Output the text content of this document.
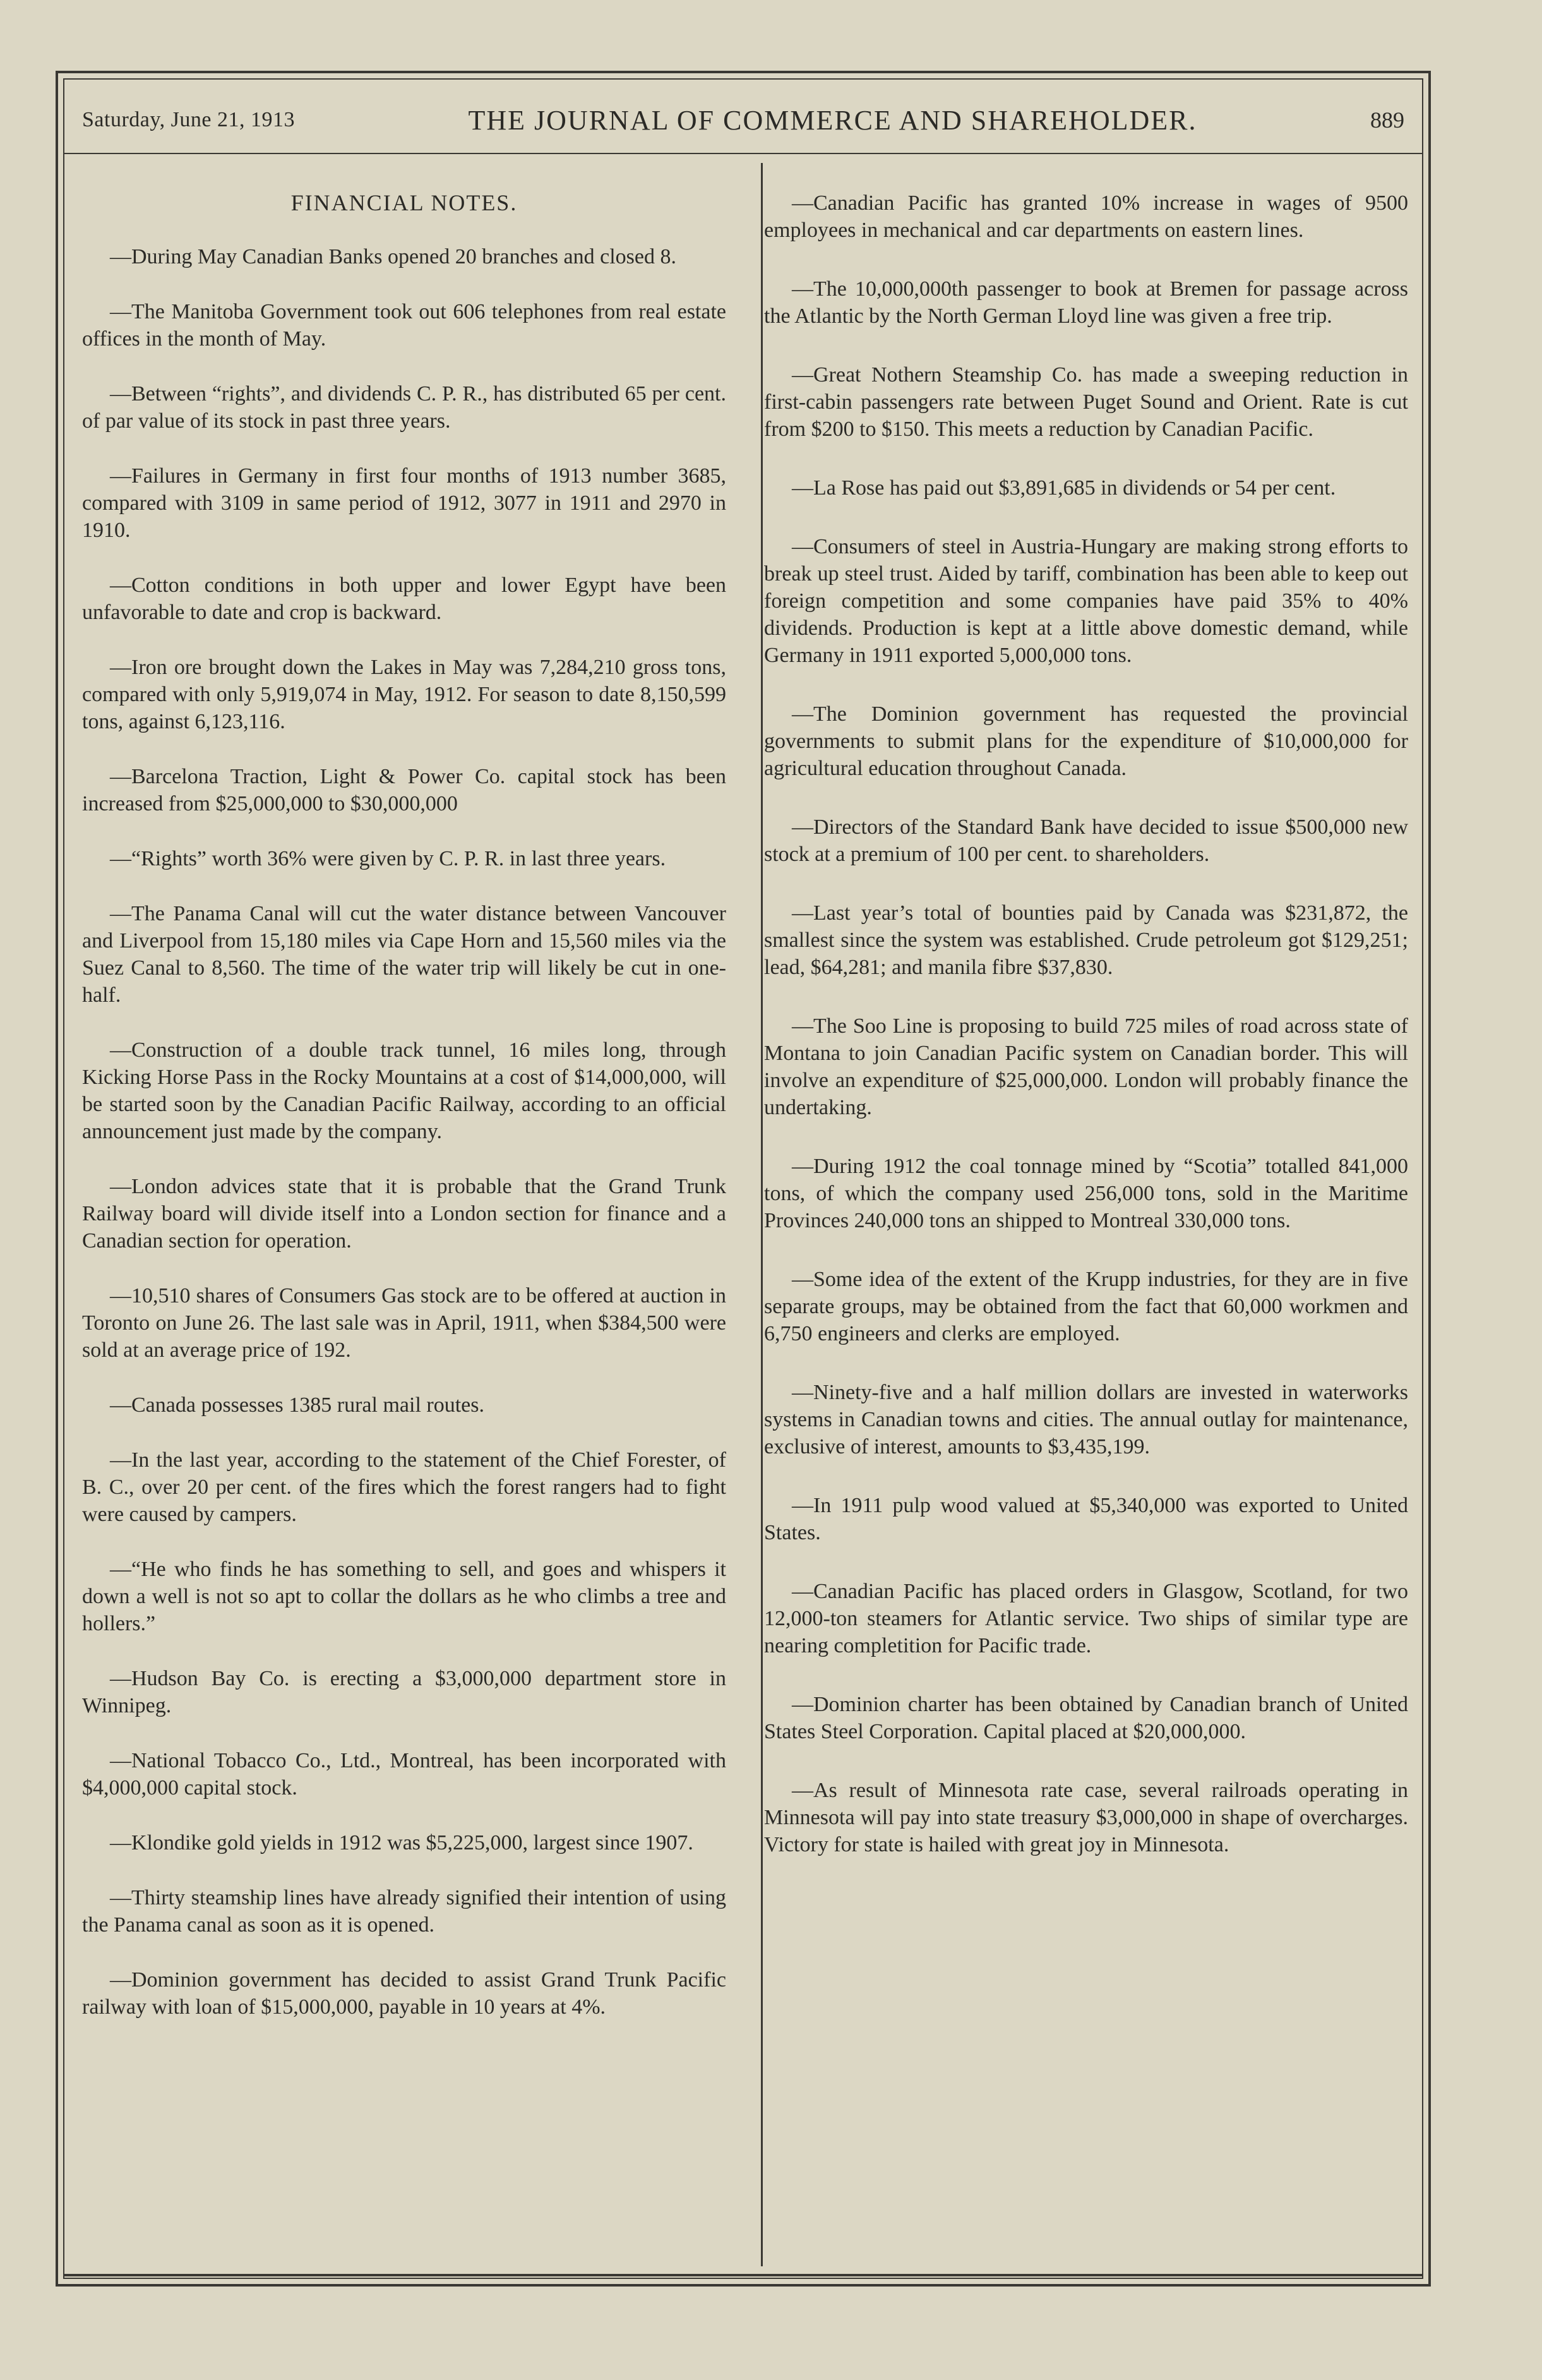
Saturday, June 21, 1913	THE JOURNAL OF COMMERCE AND SHAREHOLDER.	889

FINANCIAL NOTES.

—During May Canadian Banks opened 20 branches and closed 8.

—The Manitoba Government took out 606 telephones from real estate offices in the month of May.

—Between “rights”, and dividends C. P. R., has distributed 65 per cent. of par value of its stock in past three years.

—Failures in Germany in first four months of 1913 number 3685, compared with 3109 in same period of 1912, 3077 in 1911 and 2970 in 1910.

—Cotton conditions in both upper and lower Egypt have been unfavorable to date and crop is backward.

—Iron ore brought down the Lakes in May was 7,284,210 gross tons, compared with only 5,919,074 in May, 1912. For season to date 8,150,599 tons, against 6,123,116.

—Barcelona Traction, Light & Power Co. capital stock has been increased from $25,000,000 to $30,000,000

—“Rights” worth 36% were given by C. P. R. in last three years.

—The Panama Canal will cut the water distance between Vancouver and Liverpool from 15,180 miles via Cape Horn and 15,560 miles via the Suez Canal to 8,560. The time of the water trip will likely be cut in one-half.

—Construction of a double track tunnel, 16 miles long, through Kicking Horse Pass in the Rocky Mountains at a cost of $14,000,000, will be started soon by the Canadian Pacific Railway, according to an official announcement just made by the company.

—London advices state that it is probable that the Grand Trunk Railway board will divide itself into a London section for finance and a Canadian section for operation.

—10,510 shares of Consumers Gas stock are to be offered at auction in Toronto on June 26. The last sale was in April, 1911, when $384,500 were sold at an average price of 192.

—Canada possesses 1385 rural mail routes.

—In the last year, according to the statement of the Chief Forester, of B. C., over 20 per cent. of the fires which the forest rangers had to fight were caused by campers.

—“He who finds he has something to sell, and goes and whispers it down a well is not so apt to collar the dollars as he who climbs a tree and hollers.”

—Hudson Bay Co. is erecting a $3,000,000 department store in Winnipeg.

—National Tobacco Co., Ltd., Montreal, has been incorporated with $4,000,000 capital stock.

—Klondike gold yields in 1912 was $5,225,000, largest since 1907.

—Thirty steamship lines have already signified their intention of using the Panama canal as soon as it is opened.

—Dominion government has decided to assist Grand Trunk Pacific railway with loan of $15,000,000, payable in 10 years at 4%.

—Canadian Pacific has granted 10% increase in wages of 9500 employees in mechanical and car departments on eastern lines.

—The 10,000,000th passenger to book at Bremen for passage across the Atlantic by the North German Lloyd line was given a free trip.

—Great Nothern Steamship Co. has made a sweeping reduction in first-cabin passengers rate between Puget Sound and Orient. Rate is cut from $200 to $150. This meets a reduction by Canadian Pacific.

—La Rose has paid out $3,891,685 in dividends or 54 per cent.

—Consumers of steel in Austria-Hungary are making strong efforts to break up steel trust. Aided by tariff, combination has been able to keep out foreign competition and some companies have paid 35% to 40% dividends. Production is kept at a little above domestic demand, while Germany in 1911 exported 5,000,000 tons.

—The Dominion government has requested the provincial governments to submit plans for the expenditure of $10,000,000 for agricultural education throughout Canada.

—Directors of the Standard Bank have decided to issue $500,000 new stock at a premium of 100 per cent. to shareholders.

—Last year’s total of bounties paid by Canada was $231,872, the smallest since the system was established. Crude petroleum got $129,251; lead, $64,281; and manila fibre $37,830.

—The Soo Line is proposing to build 725 miles of road across state of Montana to join Canadian Pacific system on Canadian border. This will involve an expenditure of $25,000,000. London will probably finance the undertaking.

—During 1912 the coal tonnage mined by “Scotia” totalled 841,000 tons, of which the company used 256,000 tons, sold in the Maritime Provinces 240,000 tons an shipped to Montreal 330,000 tons.

—Some idea of the extent of the Krupp industries, for they are in five separate groups, may be obtained from the fact that 60,000 workmen and 6,750 engineers and clerks are employed.

—Ninety-five and a half million dollars are invested in waterworks systems in Canadian towns and cities. The annual outlay for maintenance, exclusive of interest, amounts to $3,435,199.

—In 1911 pulp wood valued at $5,340,000 was exported to United States.

—Canadian Pacific has placed orders in Glasgow, Scotland, for two 12,000-ton steamers for Atlantic service. Two ships of similar type are nearing completition for Pacific trade.

—Dominion charter has been obtained by Canadian branch of United States Steel Corporation. Capital placed at $20,000,000.

—As result of Minnesota rate case, several railroads operating in Minnesota will pay into state treasury $3,000,000 in shape of overcharges. Victory for state is hailed with great joy in Minnesota.
